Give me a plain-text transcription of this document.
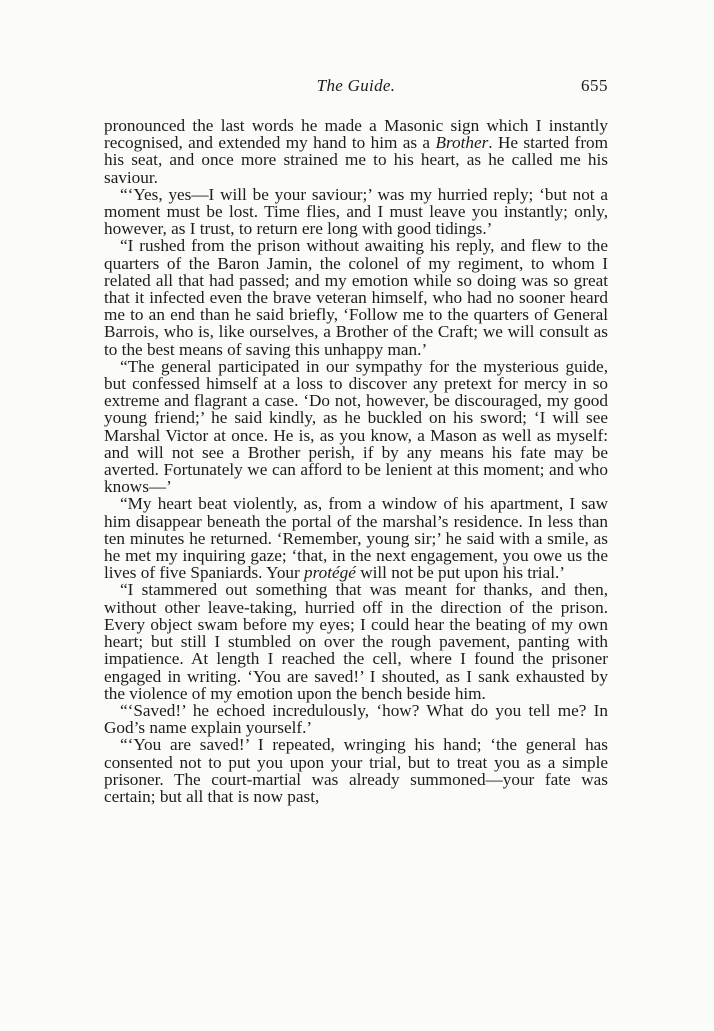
The Guide.	655

pronounced the last words he made a Masonic sign which I instantly recognised, and extended my hand to him as a Brother. He started from his seat, and once more strained me to his heart, as he called me his saviour.

“‘Yes, yes—I will be your saviour;’ was my hurried reply; ‘but not a moment must be lost. Time flies, and I must leave you instantly; only, however, as I trust, to return ere long with good tidings.’

“I rushed from the prison without awaiting his reply, and flew to the quarters of the Baron Jamin, the colonel of my regiment, to whom I related all that had passed; and my emotion while so doing was so great that it infected even the brave veteran himself, who had no sooner heard me to an end than he said briefly, ‘Follow me to the quarters of General Barrois, who is, like ourselves, a Brother of the Craft; we will consult as to the best means of saving this unhappy man.’

“The general participated in our sympathy for the mysterious guide, but confessed himself at a loss to discover any pretext for mercy in so extreme and flagrant a case. ‘Do not, however, be discouraged, my good young friend;’ he said kindly, as he buckled on his sword; ‘I will see Marshal Victor at once. He is, as you know, a Mason as well as myself: and will not see a Brother perish, if by any means his fate may be averted. Fortunately we can afford to be lenient at this moment; and who knows—’

“My heart beat violently, as, from a window of his apartment, I saw him disappear beneath the portal of the marshal’s residence. In less than ten minutes he returned. ‘Remember, young sir;’ he said with a smile, as he met my inquiring gaze; ‘that, in the next engagement, you owe us the lives of five Spaniards. Your protégé will not be put upon his trial.’

“I stammered out something that was meant for thanks, and then, without other leave-taking, hurried off in the direction of the prison. Every object swam before my eyes; I could hear the beating of my own heart; but still I stumbled on over the rough pavement, panting with impatience. At length I reached the cell, where I found the prisoner engaged in writing. ‘You are saved!’ I shouted, as I sank exhausted by the violence of my emotion upon the bench beside him.

“‘Saved!’ he echoed incredulously, ‘how? What do you tell me? In God’s name explain yourself.’

“‘You are saved!’ I repeated, wringing his hand; ‘the general has consented not to put you upon your trial, but to treat you as a simple prisoner. The court-martial was already summoned—your fate was certain; but all that is now past,
